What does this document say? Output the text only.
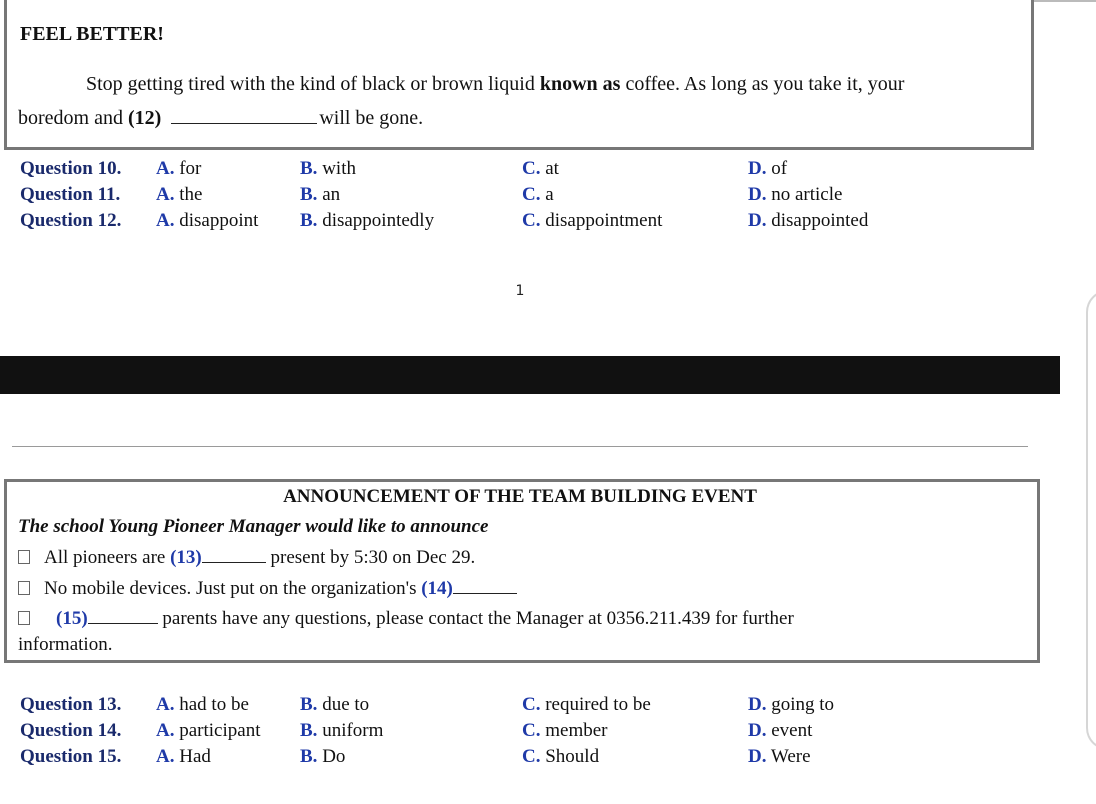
FEEL BETTER!
Stop getting tired with the kind of black or brown liquid known as coffee. As long as you take it, your
boredom and (12)	will be gone.
Question 10. A. for	B. with	C. at	D. of
Question 11. A. the	B. an	C. a	D. no article
Question 12. A. disappoint B. disappointedly	C. disappointment	D. disappointed
1
ANNOUNCEMENT OF THE TEAM BUILDING EVENT
The school Young Pioneer Manager would like to announce
All pioneers are (13)	present by 5:30 on Dec 29.
No mobile devices. Just put on the organization's (14)
(15)	parents have any questions, please contact the Manager at 0356.211.439 for further
information.
Question 13. A. had to be	B. due to	C. required to be	D. going to
Question 14. A. participant B. uniform	C. member	D. event
Question 15. A. Had	B. Do	C. Should	D. Were
